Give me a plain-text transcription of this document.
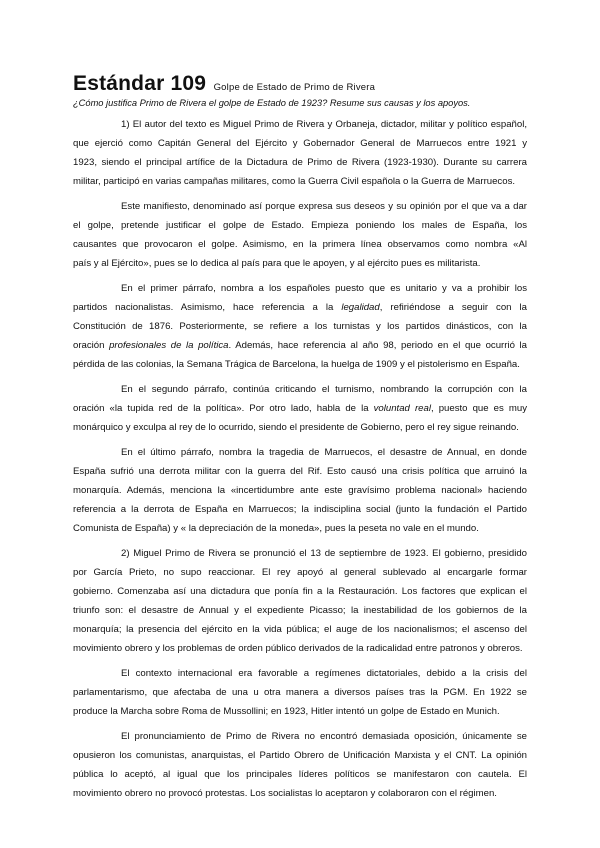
Estándar 109 Golpe de Estado de Primo de Rivera
¿Cómo justifica Primo de Rivera el golpe de Estado de 1923? Resume sus causas y los apoyos.
1) El autor del texto es Miguel Primo de Rivera y Orbaneja, dictador, militar y político español,
que ejerció como Capitán General del Ejército y Gobernador General de Marruecos entre 1921 y
1923, siendo el principal artífice de la Dictadura de Primo de Rivera (1923-1930). Durante su carrera
militar, participó en varias campañas militares, como la Guerra Civil española o la Guerra de Marruecos.
Este manifiesto, denominado así porque expresa sus deseos y su opinión por el que va a dar
el golpe, pretende justificar el golpe de Estado. Empieza poniendo los males de España, los
causantes que provocaron el golpe. Asimismo, en la primera línea observamos como nombra «Al
país y al Ejército», pues se lo dedica al país para que le apoyen, y al ejército pues es militarista.
En el primer párrafo, nombra a los españoles puesto que es unitario y va a prohibir los
partidos nacionalistas. Asimismo, hace referencia a la legalidad, refiriéndose a seguir con la
Constitución de 1876. Posteriormente, se refiere a los turnistas y los partidos dinásticos, con la
oración profesionales de la política. Además, hace referencia al año 98, periodo en el que ocurrió la
pérdida de las colonias, la Semana Trágica de Barcelona, la huelga de 1909 y el pistolerismo en España.
En el segundo párrafo, continúa criticando el turnismo, nombrando la corrupción con la
oración «la tupida red de la política». Por otro lado, habla de la voluntad real, puesto que es muy
monárquico y exculpa al rey de lo ocurrido, siendo el presidente de Gobierno, pero el rey sigue reinando.
En el último párrafo, nombra la tragedia de Marruecos, el desastre de Annual, en donde
España sufrió una derrota militar con la guerra del Rif. Esto causó una crisis política que arruinó la
monarquía. Además, menciona la «incertidumbre ante este gravísimo problema nacional» haciendo
referencia a la derrota de España en Marruecos; la indisciplina social (junto la fundación el Partido
Comunista de España) y « la depreciación de la moneda», pues la peseta no vale en el mundo.
2) Miguel Primo de Rivera se pronunció el 13 de septiembre de 1923. El gobierno, presidido
por García Prieto, no supo reaccionar. El rey apoyó al general sublevado al encargarle formar
gobierno. Comenzaba así una dictadura que ponía fin a la Restauración. Los factores que explican el
triunfo son: el desastre de Annual y el expediente Picasso; la inestabilidad de los gobiernos de la
monarquía; la presencia del ejército en la vida pública; el auge de los nacionalismos; el ascenso del
movimiento obrero y los problemas de orden público derivados de la radicalidad entre patronos y obreros.
El contexto internacional era favorable a regímenes dictatoriales, debido a la crisis del
parlamentarismo, que afectaba de una u otra manera a diversos países tras la PGM. En 1922 se
produce la Marcha sobre Roma de Mussollini; en 1923, Hitler intentó un golpe de Estado en Munich.
El pronunciamiento de Primo de Rivera no encontró demasiada oposición, únicamente se
opusieron los comunistas, anarquistas, el Partido Obrero de Unificación Marxista y el CNT. La opinión
pública lo aceptó, al igual que los principales líderes políticos se manifestaron con cautela. El
movimiento obrero no provocó protestas. Los socialistas lo aceptaron y colaboraron con el régimen.
